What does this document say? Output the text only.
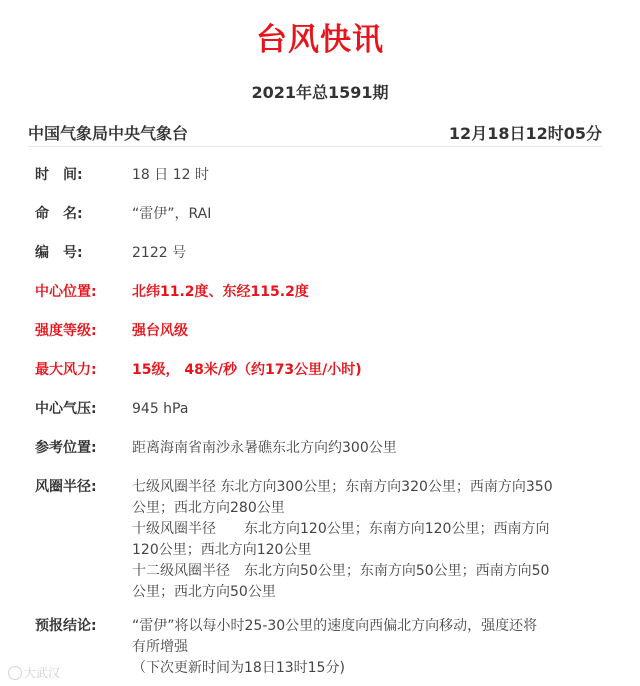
台风快讯
2021年总1591期
中国气象局中央气象台	12月18日12时05分
时　间:	18 日 12 时
命　名:	“雷伊”，RAI
编　号:	2122 号
中心位置:	北纬11.2度、东经115.2度
强度等级:	强台风级
最大风力:	15级， 48米/秒（约173公里/小时)
中心气压:	945 hPa
参考位置:	距离海南省南沙永暑礁东北方向约300公里
风圈半径:	七级风圈半径 东北方向300公里；东南方向320公里；西南方向350
公里；西北方向280公里
十级风圈半径　　东北方向120公里；东南方向120公里；西南方向
120公里；西北方向120公里
十二级风圈半径　东北方向50公里；东南方向50公里；西南方向50
公里；西北方向50公里
预报结论:	“雷伊”将以每小时25-30公里的速度向西偏北方向移动，强度还将
有所增强
（下次更新时间为18日13时15分)
大武汉
